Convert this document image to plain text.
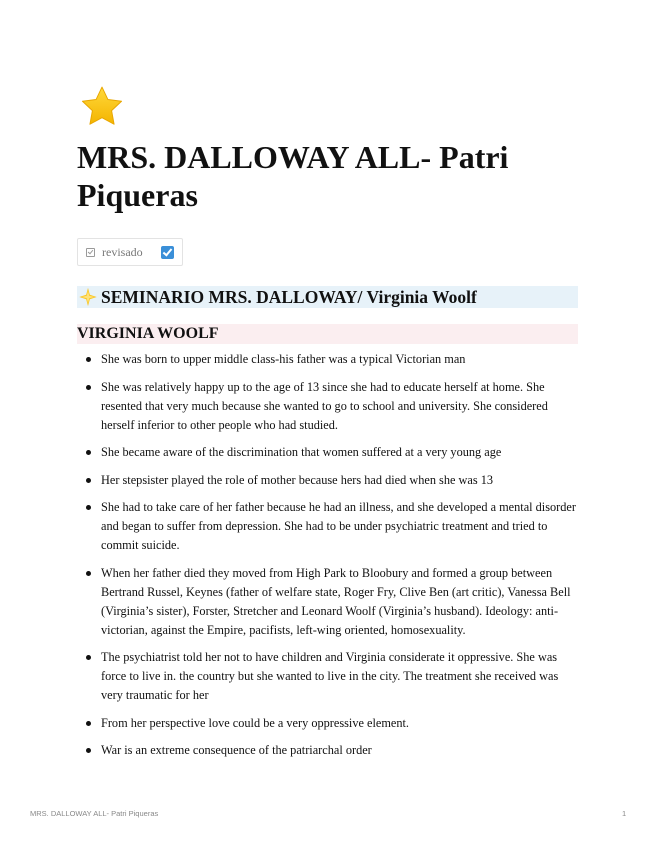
MRS. DALLOWAY ALL- Patri Piqueras
revisado
SEMINARIO MRS. DALLOWAY/ Virginia Woolf
VIRGINIA WOOLF
She was born to upper middle class-his father was a typical Victorian man
She was relatively happy up to the age of 13 since she had to educate herself at home. She resented that very much because she wanted to go to school and university. She considered herself inferior to other people who had studied.
She became aware of the discrimination that women suffered at a very young age
Her stepsister played the role of mother because hers had died when she was 13
She had to take care of her father because he had an illness, and she developed a mental disorder and began to suffer from depression. She had to be under psychiatric treatment and tried to commit suicide.
When her father died they moved from High Park to Bloobury and formed a group between Bertrand Russel, Keynes (father of welfare state, Roger Fry, Clive Ben (art critic), Vanessa Bell (Virginia’s sister), Forster, Stretcher and Leonard Woolf (Virginia’s husband). Ideology: anti-victorian, against the Empire, pacifists, left-wing oriented, homosexuality.
The psychiatrist told her not to have children and Virginia considerate it oppressive. She was force to live in. the country but she wanted to live in the city. The treatment she received was very traumatic for her
From her perspective love could be a very oppressive element.
War is an extreme consequence of the patriarchal order
MRS. DALLOWAY ALL- Patri Piqueras	1
